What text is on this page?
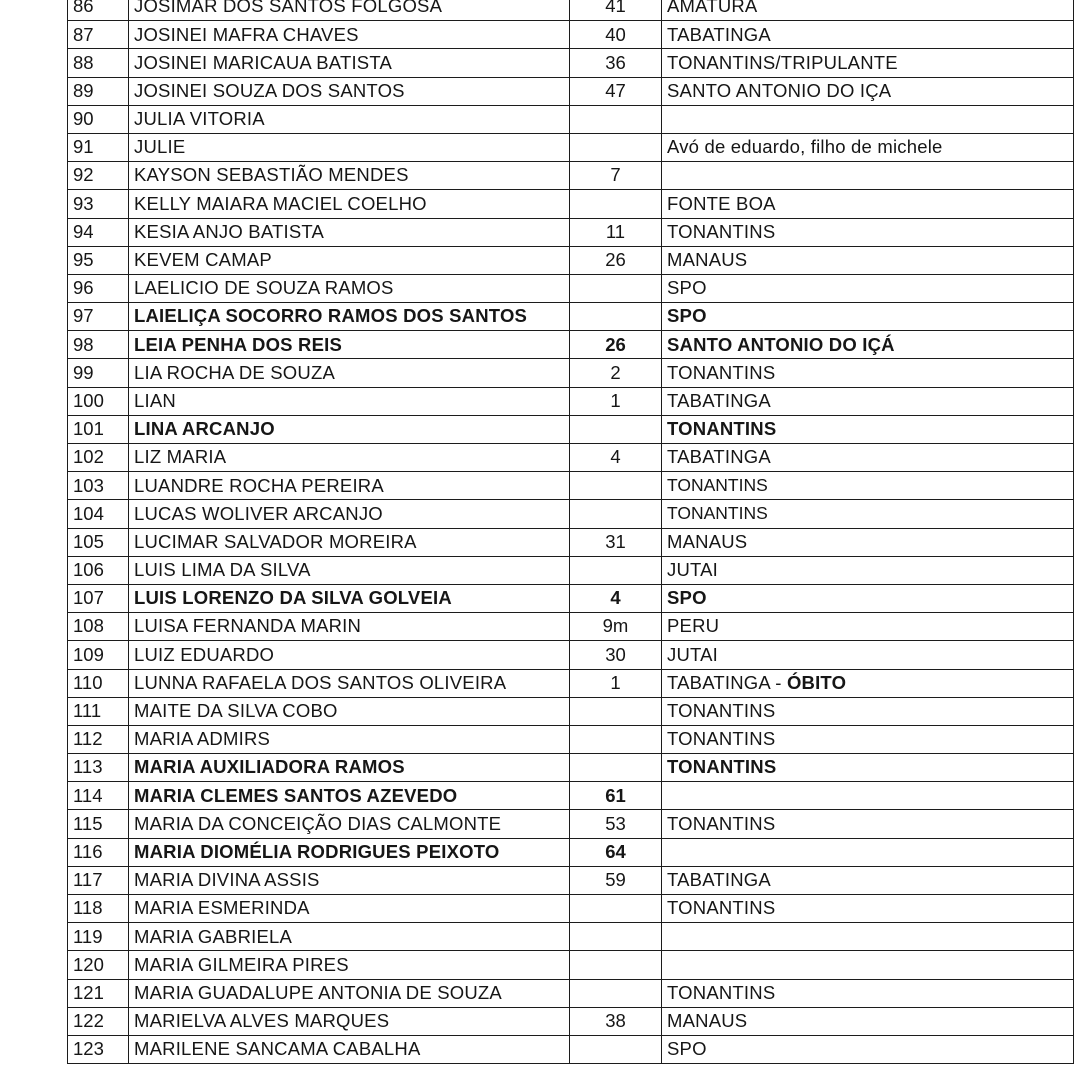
86	JOSIMAR DOS SANTOS FOLGOSA	41	AMATURA
87	JOSINEI MAFRA CHAVES	40	TABATINGA
88	JOSINEI MARICAUA BATISTA	36	TONANTINS/TRIPULANTE
89	JOSINEI SOUZA DOS SANTOS	47	SANTO ANTONIO DO IÇA
90	JULIA VITORIA		
91	JULIE		Avó de eduardo, filho de michele
92	KAYSON SEBASTIÃO MENDES	7	
93	KELLY MAIARA MACIEL COELHO		FONTE BOA
94	KESIA ANJO BATISTA	11	TONANTINS
95	KEVEM CAMAP	26	MANAUS
96	LAELICIO DE SOUZA RAMOS		SPO
97	LAIELIÇA SOCORRO RAMOS DOS SANTOS		SPO
98	LEIA PENHA DOS REIS	26	SANTO ANTONIO DO IÇÁ
99	LIA ROCHA DE SOUZA	2	TONANTINS
100	LIAN	1	TABATINGA
101	LINA ARCANJO		TONANTINS
102	LIZ MARIA	4	TABATINGA
103	LUANDRE ROCHA PEREIRA		TONANTINS
104	LUCAS WOLIVER ARCANJO		TONANTINS
105	LUCIMAR SALVADOR MOREIRA	31	MANAUS
106	LUIS LIMA DA SILVA		JUTAI
107	LUIS LORENZO DA SILVA GOLVEIA	4	SPO
108	LUISA FERNANDA MARIN	9m	PERU
109	LUIZ EDUARDO	30	JUTAI
110	LUNNA RAFAELA DOS SANTOS OLIVEIRA	1	TABATINGA - ÓBITO
111	MAITE DA SILVA COBO		TONANTINS
112	MARIA ADMIRS		TONANTINS
113	MARIA AUXILIADORA RAMOS		TONANTINS
114	MARIA CLEMES SANTOS AZEVEDO	61	
115	MARIA DA CONCEIÇÃO DIAS CALMONTE	53	TONANTINS
116	MARIA DIOMÉLIA RODRIGUES PEIXOTO	64	
117	MARIA DIVINA ASSIS	59	TABATINGA
118	MARIA ESMERINDA		TONANTINS
119	MARIA GABRIELA		
120	MARIA GILMEIRA PIRES		
121	MARIA GUADALUPE ANTONIA DE SOUZA		TONANTINS
122	MARIELVA ALVES MARQUES	38	MANAUS
123	MARILENE SANCAMA CABALHA		SPO
